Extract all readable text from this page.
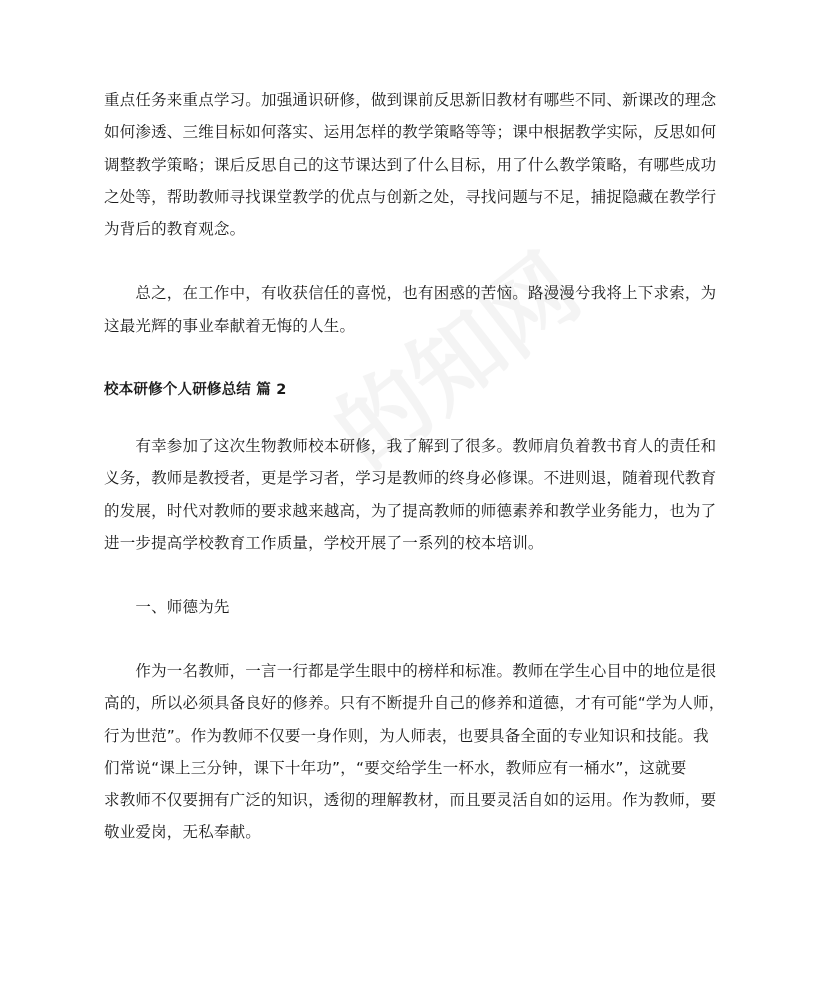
重点任务来重点学习。加强通识研修，做到课前反思新旧教材有哪些不同、新课改的理念
如何渗透、三维目标如何落实、运用怎样的教学策略等等；课中根据教学实际，反思如何
调整教学策略；课后反思自己的这节课达到了什么目标，用了什么教学策略，有哪些成功
之处等，帮助教师寻找课堂教学的优点与创新之处，寻找问题与不足，捕捉隐藏在教学行
为背后的教育观念。
　　总之，在工作中，有收获信任的喜悦，也有困惑的苦恼。路漫漫兮我将上下求索，为
这最光辉的事业奉献着无悔的人生。
校本研修个人研修总结 篇 2
　　有幸参加了这次生物教师校本研修，我了解到了很多。教师肩负着教书育人的责任和
义务，教师是教授者，更是学习者，学习是教师的终身必修课。不进则退，随着现代教育
的发展，时代对教师的要求越来越高，为了提高教师的师德素养和教学业务能力，也为了
进一步提高学校教育工作质量，学校开展了一系列的校本培训。
　　一、师德为先
　　作为一名教师，一言一行都是学生眼中的榜样和标准。教师在学生心目中的地位是很
高的，所以必须具备良好的修养。只有不断提升自己的修养和道德，才有可能“学为人师，
行为世范”。作为教师不仅要一身作则，为人师表，也要具备全面的专业知识和技能。我
们常说“课上三分钟，课下十年功”，“要交给学生一杯水，教师应有一桶水”，这就要
求教师不仅要拥有广泛的知识，透彻的理解教材，而且要灵活自如的运用。作为教师，要
敬业爱岗，无私奉献。
